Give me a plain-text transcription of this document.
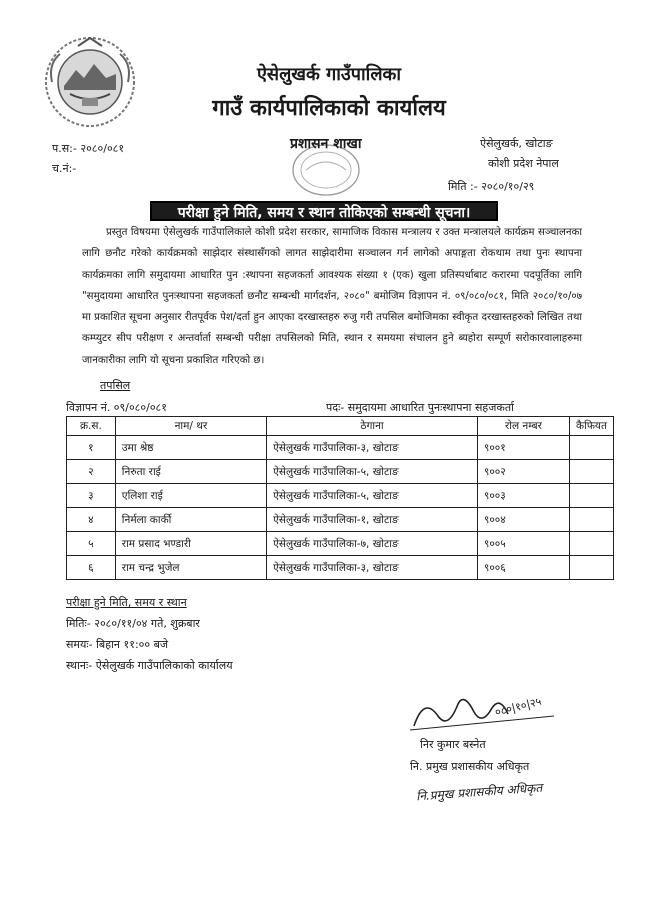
ऐसेलुखर्क गाउँपालिका
गाउँ कार्यपालिकाको कार्यालय
प.स:- २०८०/०८१
च.नं:-
प्रशासन शाखा	ऐसेलुखर्क, खोटाङ
कोशी प्रदेश नेपाल
मिति :- २०८०/१०/२९
परीक्षा हुने मिति, समय र स्थान तोकिएको सम्बन्धी सूचना।
प्रस्तुत विषयमा ऐसेलुखर्क गाउँपालिकाले कोशी प्रदेश सरकार, सामाजिक विकास मन्त्रालय र उक्त मन्त्रालयले कार्यक्रम सञ्चालनका लागि छनौट गरेको कार्यक्रमको साझेदार संस्थासँगको लागत साझेदारीमा सञ्चालन गर्न लागेको अपाङ्गता रोकथाम तथा पुनः स्थापना कार्यक्रमका लागि समुदायमा आधारित पुन :स्थापना सहजकर्ता आवश्यक संख्या १ (एक) खुला प्रतिस्पर्धाबाट करारमा पदपूर्तिका लागि "समुदायमा आधारित पुनःस्थापना सहजकर्ता छनौट सम्बन्धी मार्गदर्शन, २०८०" बमोजिम विज्ञापन नं. ०९/०८०/०८१, मिति २०८०/१०/०७ मा प्रकाशित सूचना अनुसार रीतपूर्वक पेश/दर्ता हुन आएका दरखास्तहरु रुजु गरी तपसिल बमोजिमका स्वीकृत दरखास्तहरुको लिखित तथा कम्प्युटर सीप परीक्षण र अन्तर्वार्ता सम्बन्धी परीक्षा तपसिलको मिति, स्थान र समयमा संचालन हुने ब्यहोरा सम्पूर्ण सरोकारवालाहरुमा जानकारीका लागि यो सूचना प्रकाशित गरिएको छ।
तपसिल
विज्ञापन नं. ०९/०८०/०८१	पदः- समुदायमा आधारित पुनःस्थापना सहजकर्ता
क्र.स.	नाम/ थर	ठेगाना	रोल नम्बर	कैफियत
१	उमा श्रेष्ठ	ऐसेलुखर्क गाउँपालिका-३, खोटाङ	९००१	
२	निरुता राई	ऐसेलुखर्क गाउँपालिका-५, खोटाङ	९००२	
३	एलिशा राई	ऐसेलुखर्क गाउँपालिका-५, खोटाङ	९००३	
४	निर्मला कार्की	ऐसेलुखर्क गाउँपालिका-१, खोटाङ	९००४	
५	राम प्रसाद भण्डारी	ऐसेलुखर्क गाउँपालिका-७, खोटाङ	९००५	
६	राम चन्द्र भुजेल	ऐसेलुखर्क गाउँपालिका-३, खोटाङ	९००६	
परीक्षा हुने मिति, समय र स्थान
मितिः- २०८०/११/०४ गते, शुक्रबार
समयः- बिहान ११:०० बजे
स्थानः- ऐसेलुखर्क गाउँपालिकाको कार्यालय
०८०|१०|२५
निर कुमार बस्नेत
नि. प्रमुख प्रशासकीय अधिकृत
नि.प्रमुख प्रशासकीय अधिकृत
